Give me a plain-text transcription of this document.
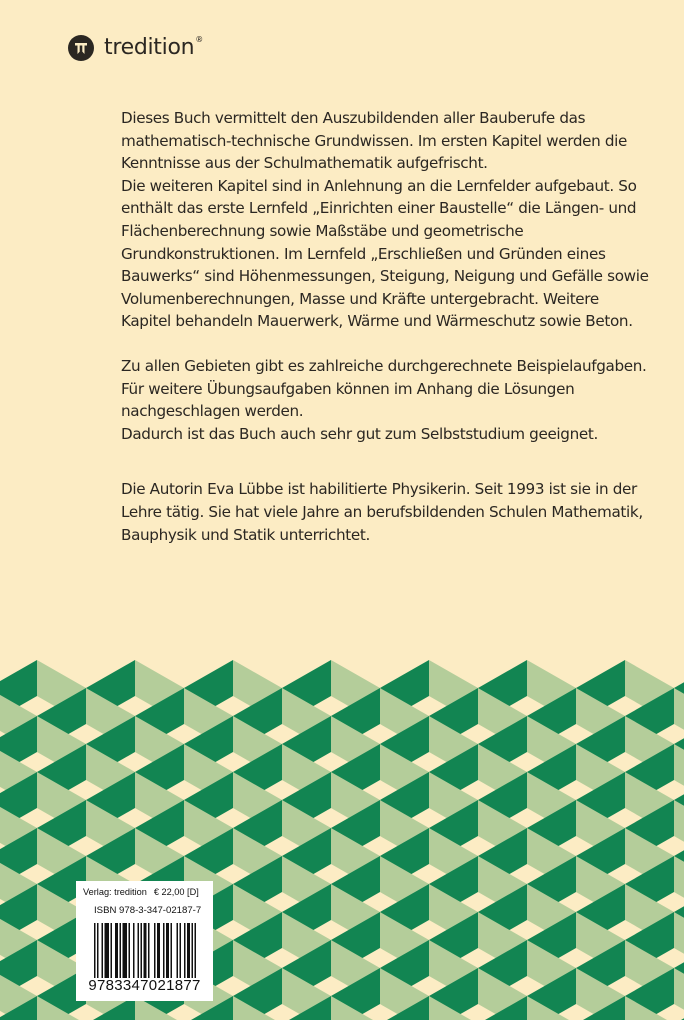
tredition ®

Dieses Buch vermittelt den Auszubildenden aller Bauberufe das mathematisch-technische Grundwissen. Im ersten Kapitel werden die Kenntnisse aus der Schulmathematik aufgefrischt.

Die weiteren Kapitel sind in Anlehnung an die Lernfelder aufgebaut. So enthält das erste Lernfeld „Einrichten einer Baustelle“ die Längen- und Flächenberechnung sowie Maßstäbe und geometrische Grundkonstruktionen. Im Lernfeld „Erschließen und Gründen eines Bauwerks“ sind Höhenmessungen, Steigung, Neigung und Gefälle sowie Volumenberechnungen, Masse und Kräfte untergebracht. Weitere Kapitel behandeln Mauerwerk, Wärme und Wärmeschutz sowie Beton.

Zu allen Gebieten gibt es zahlreiche durchgerechnete Beispielaufgaben.

Für weitere Übungsaufgaben können im Anhang die Lösungen nachgeschlagen werden.

Dadurch ist das Buch auch sehr gut zum Selbststudium geeignet.

Die Autorin Eva Lübbe ist habilitierte Physikerin. Seit 1993 ist sie in der Lehre tätig. Sie hat viele Jahre an berufsbildenden Schulen Mathematik, Bauphysik und Statik unterrichtet.

Verlag: tredition € 22,00 [D]
ISBN 978-3-347-02187-7
9783347021877
